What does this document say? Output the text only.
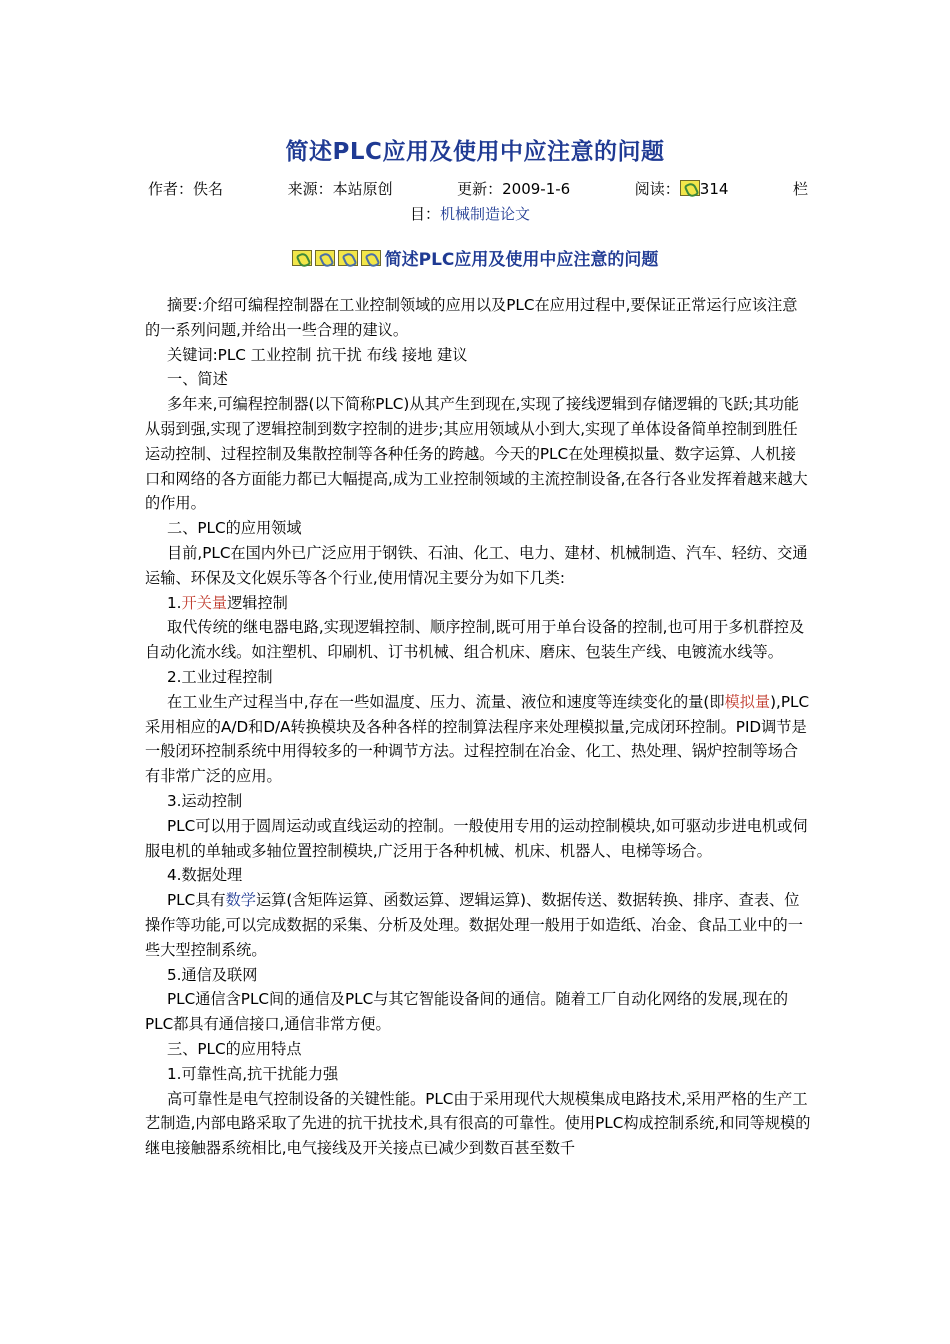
简述PLC应用及使用中应注意的问题
作者：佚名	来源：本站原创	更新：2009-1-6	阅读： 314	栏
目：机械制造论文
简述PLC应用及使用中应注意的问题

摘要:介绍可编程控制器在工业控制领域的应用以及PLC在应用过程中,要保证正常运行应该注意的一系列问题,并给出一些合理的建议。

关键词:PLC 工业控制 抗干扰 布线 接地 建议

一、简述

多年来,可编程控制器(以下简称PLC)从其产生到现在,实现了接线逻辑到存储逻辑的飞跃;其功能从弱到强,实现了逻辑控制到数字控制的进步;其应用领域从小到大,实现了单体设备简单控制到胜任运动控制、过程控制及集散控制等各种任务的跨越。今天的PLC在处理模拟量、数字运算、人机接口和网络的各方面能力都已大幅提高,成为工业控制领域的主流控制设备,在各行各业发挥着越来越大的作用。

二、PLC的应用领域

目前,PLC在国内外已广泛应用于钢铁、石油、化工、电力、建材、机械制造、汽车、轻纺、交通运输、环保及文化娱乐等各个行业,使用情况主要分为如下几类:

1.开关量逻辑控制

取代传统的继电器电路,实现逻辑控制、顺序控制,既可用于单台设备的控制,也可用于多机群控及自动化流水线。如注塑机、印刷机、订书机械、组合机床、磨床、包装生产线、电镀流水线等。

2.工业过程控制

在工业生产过程当中,存在一些如温度、压力、流量、液位和速度等连续变化的量(即模拟量),PLC采用相应的A/D和D/A转换模块及各种各样的控制算法程序来处理模拟量,完成闭环控制。PID调节是一般闭环控制系统中用得较多的一种调节方法。过程控制在冶金、化工、热处理、锅炉控制等场合有非常广泛的应用。

3.运动控制

PLC可以用于圆周运动或直线运动的控制。一般使用专用的运动控制模块,如可驱动步进电机或伺服电机的单轴或多轴位置控制模块,广泛用于各种机械、机床、机器人、电梯等场合。

4.数据处理

PLC具有数学运算(含矩阵运算、函数运算、逻辑运算)、数据传送、数据转换、排序、查表、位操作等功能,可以完成数据的采集、分析及处理。数据处理一般用于如造纸、冶金、食品工业中的一些大型控制系统。

5.通信及联网

PLC通信含PLC间的通信及PLC与其它智能设备间的通信。随着工厂自动化网络的发展,现在的PLC都具有通信接口,通信非常方便。

三、PLC的应用特点

1.可靠性高,抗干扰能力强

高可靠性是电气控制设备的关键性能。PLC由于采用现代大规模集成电路技术,采用严格的生产工艺制造,内部电路采取了先进的抗干扰技术,具有很高的可靠性。使用PLC构成控制系统,和同等规模的继电接触器系统相比,电气接线及开关接点已减少到数百甚至数千
